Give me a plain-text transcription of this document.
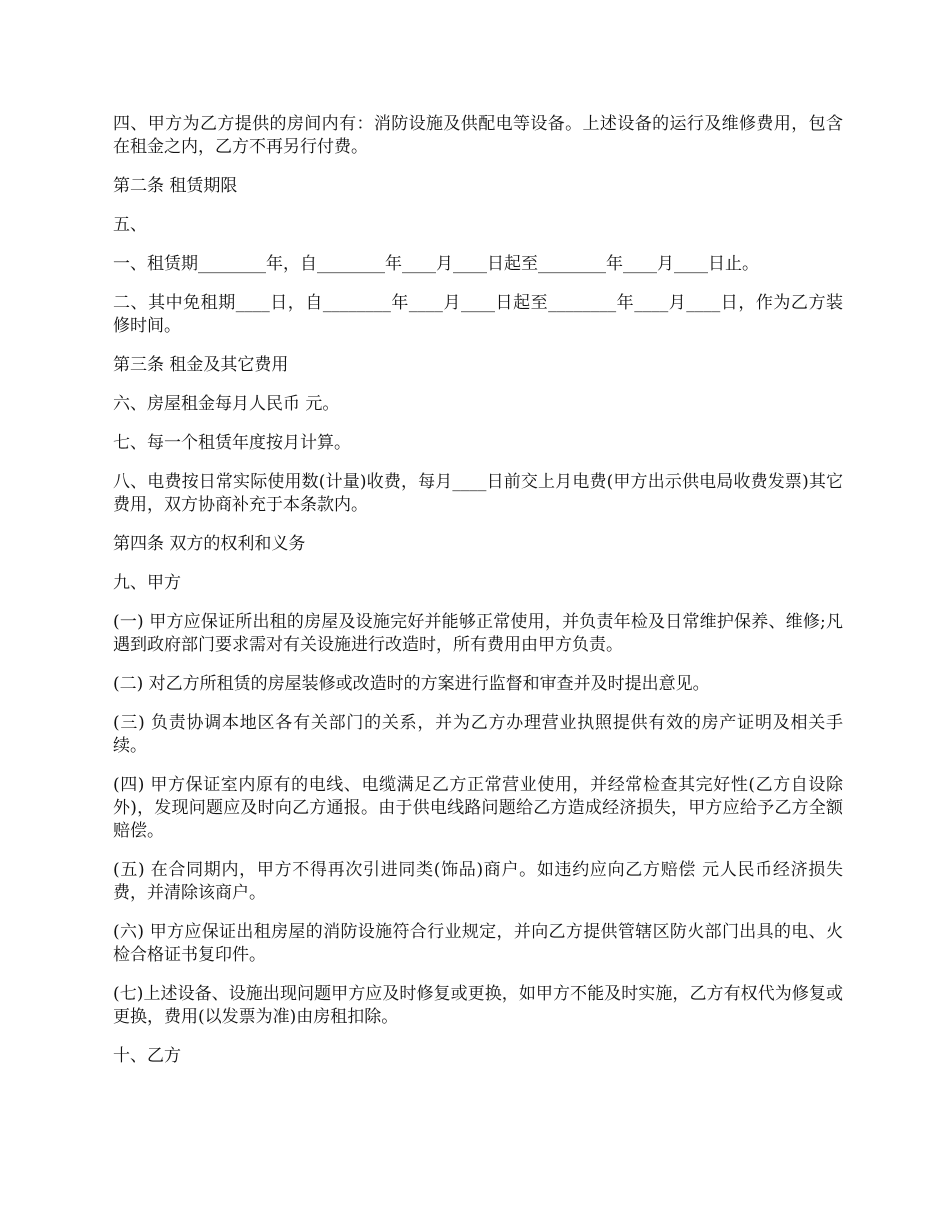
四、甲方为乙方提供的房间内有：消防设施及供配电等设备。上述设备的运行及维修费用，包含在租金之内，乙方不再另行付费。

第二条 租赁期限

五、

一、租赁期________年，自________年____月____日起至________年____月____日止。

二、其中免租期____日，自________年____月____日起至________年____月____日，作为乙方装修时间。

第三条 租金及其它费用

六、房屋租金每月人民币 元。

七、每一个租赁年度按月计算。

八、电费按日常实际使用数(计量)收费，每月____日前交上月电费(甲方出示供电局收费发票)其它费用，双方协商补充于本条款内。

第四条 双方的权利和义务

九、甲方

(一) 甲方应保证所出租的房屋及设施完好并能够正常使用，并负责年检及日常维护保养、维修;凡遇到政府部门要求需对有关设施进行改造时，所有费用由甲方负责。

(二) 对乙方所租赁的房屋装修或改造时的方案进行监督和审查并及时提出意见。

(三) 负责协调本地区各有关部门的关系，并为乙方办理营业执照提供有效的房产证明及相关手续。

(四) 甲方保证室内原有的电线、电缆满足乙方正常营业使用，并经常检查其完好性(乙方自设除外)，发现问题应及时向乙方通报。由于供电线路问题给乙方造成经济损失，甲方应给予乙方全额赔偿。

(五) 在合同期内，甲方不得再次引进同类(饰品)商户。如违约应向乙方赔偿 元人民币经济损失费，并清除该商户。

(六) 甲方应保证出租房屋的消防设施符合行业规定，并向乙方提供管辖区防火部门出具的电、火检合格证书复印件。

(七)上述设备、设施出现问题甲方应及时修复或更换，如甲方不能及时实施，乙方有权代为修复或更换，费用(以发票为准)由房租扣除。

十、乙方
